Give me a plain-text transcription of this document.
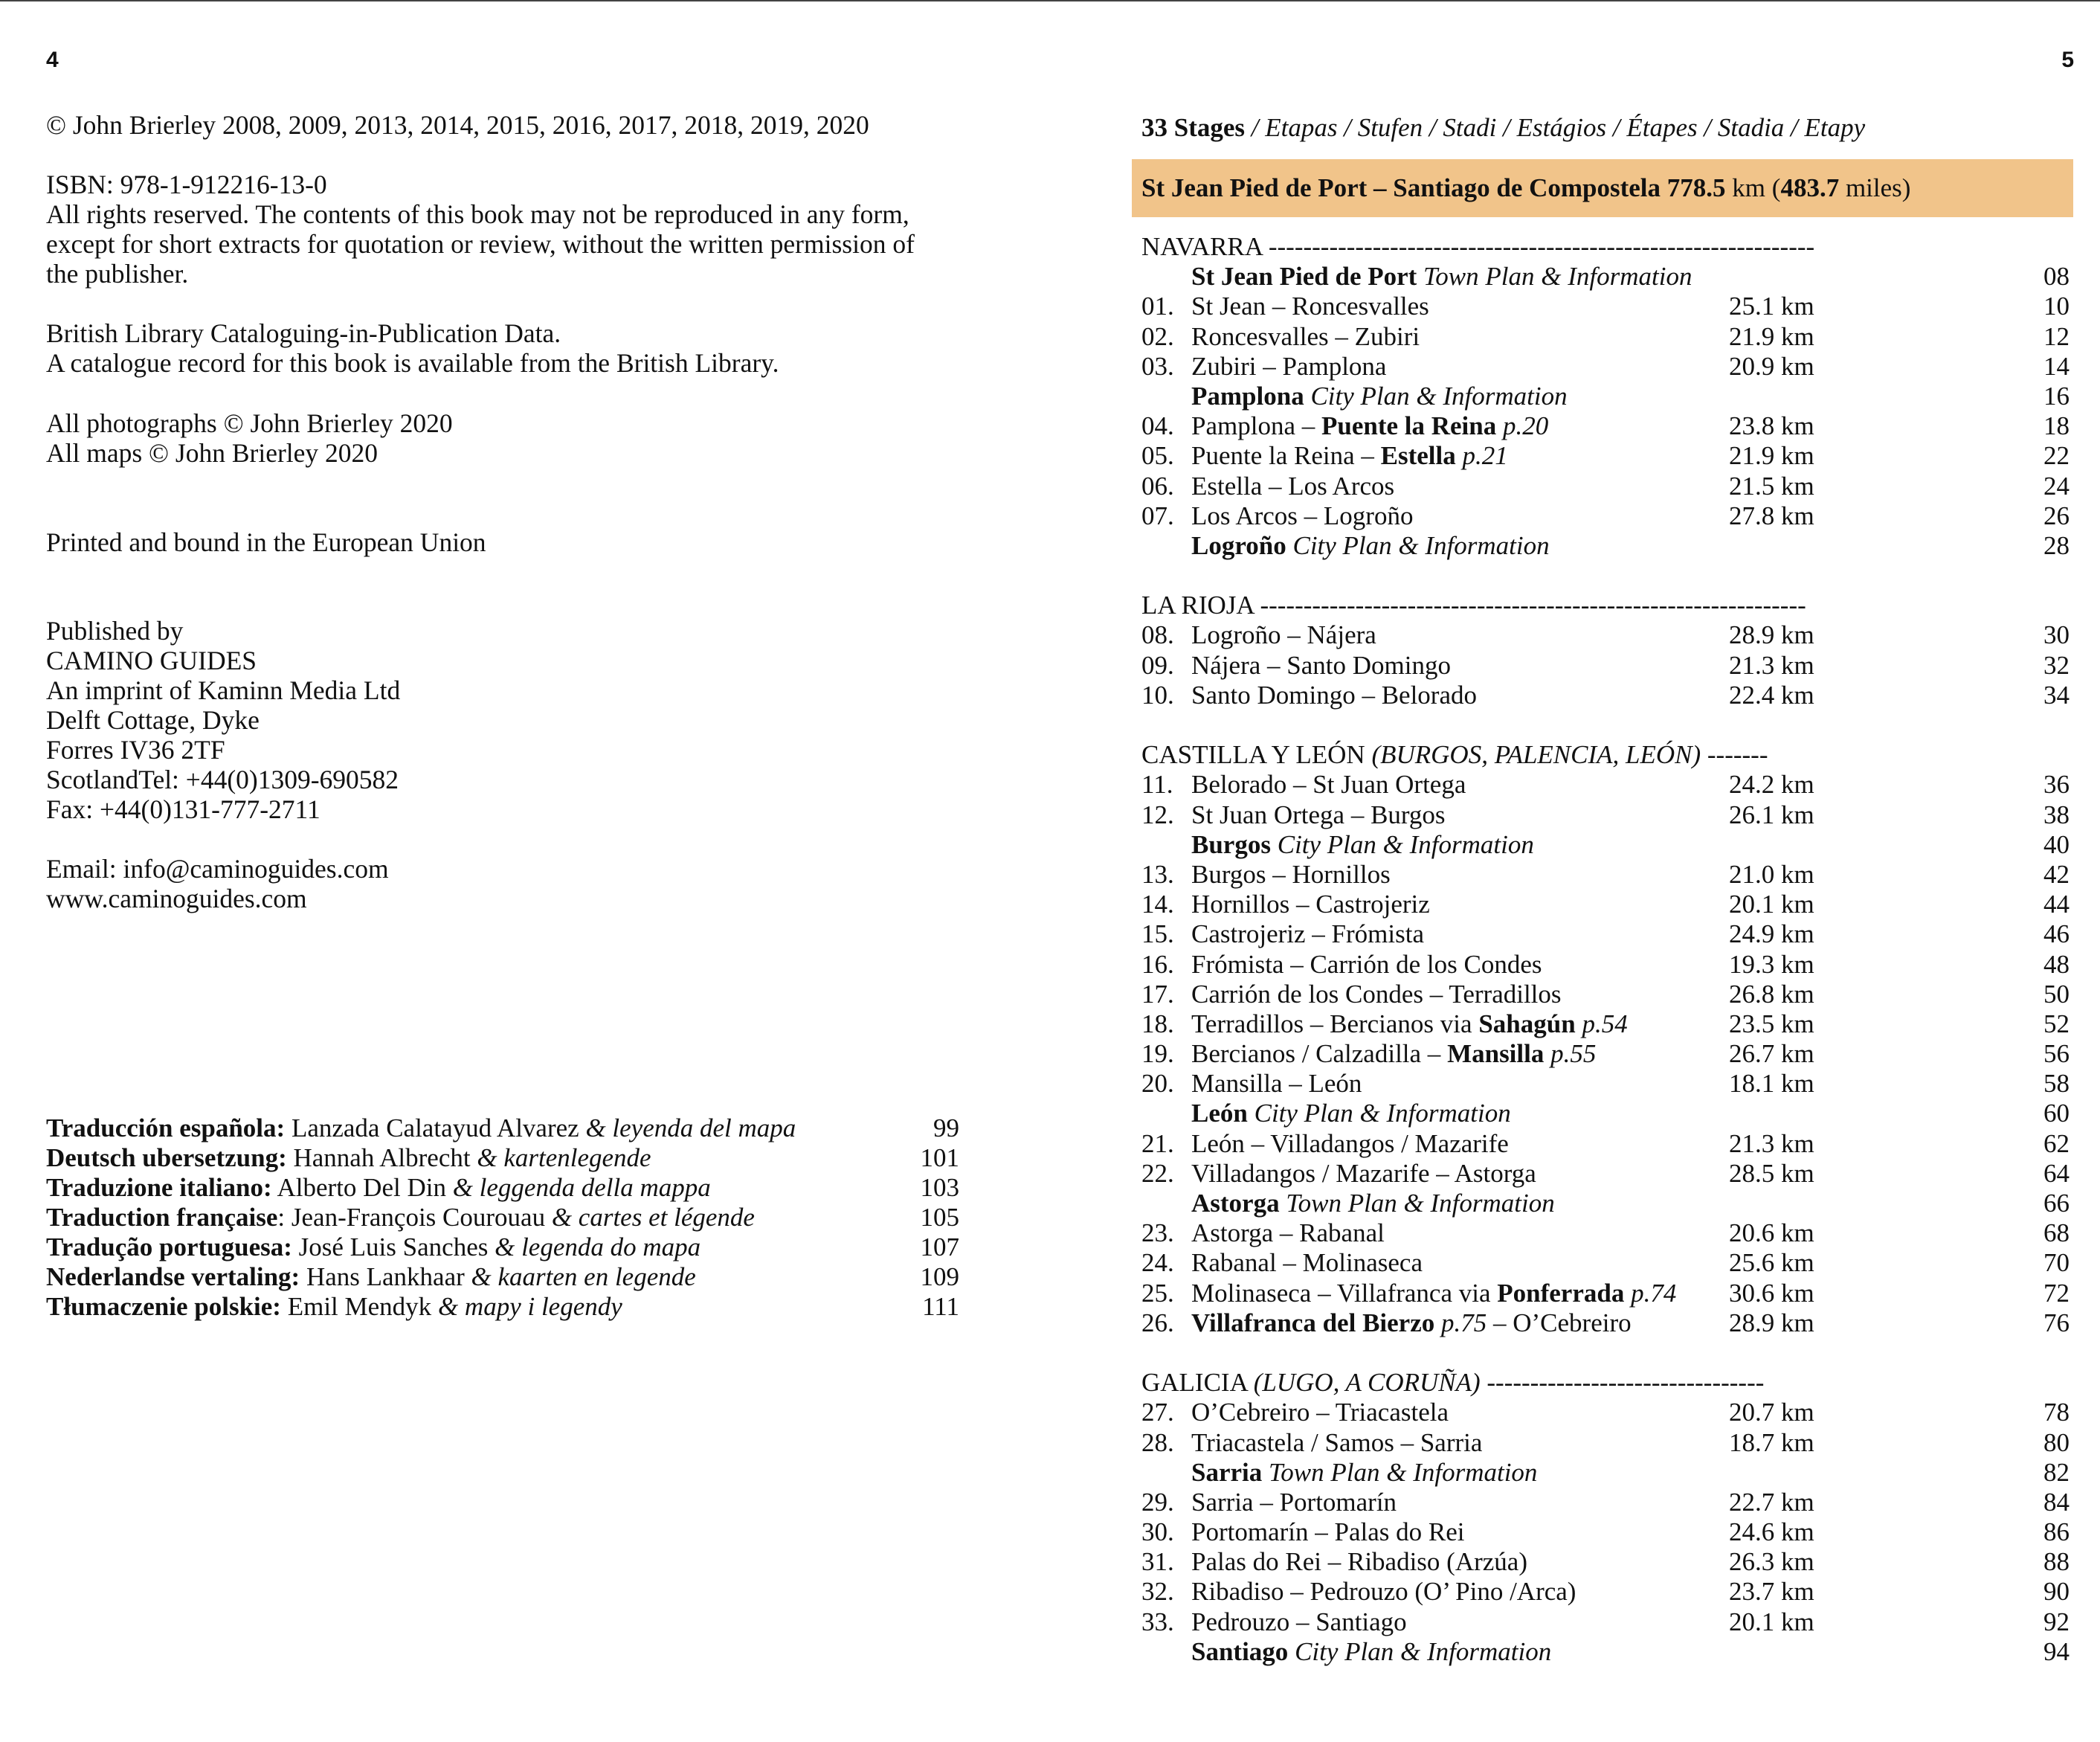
4
© John Brierley 2008, 2009, 2013, 2014, 2015, 2016, 2017, 2018, 2019, 2020
ISBN: 978-1-912216-13-0
All rights reserved. The contents of this book may not be reproduced in any form,
except for short extracts for quotation or review, without the written permission of
the publisher.
British Library Cataloguing-in-Publication Data.
A catalogue record for this book is available from the British Library.
All photographs © John Brierley 2020
All maps © John Brierley 2020
Printed and bound in the European Union
Published by
CAMINO GUIDES
An imprint of Kaminn Media Ltd
Delft Cottage, Dyke
Forres IV36 2TF
ScotlandTel: +44(0)1309-690582
Fax: +44(0)131-777-2711
Email: info@caminoguides.com
www.caminoguides.com
Traducción española: Lanzada Calatayud Alvarez & leyenda del mapa	99
Deutsch ubersetzung: Hannah Albrecht & kartenlegende	101
Traduzione italiano: Alberto Del Din & leggenda della mappa	103
Traduction française: Jean-François Courouau & cartes et légende	105
Tradução portuguesa: José Luis Sanches & legenda do mapa	107
Nederlandse vertaling: Hans Lankhaar & kaarten en legende	109
Tłumaczenie polskie: Emil Mendyk & mapy i legendy	111
5
33 Stages / Etapas / Stufen / Stadi / Estágios / Étapes / Stadia / Etapy
St Jean Pied de Port – Santiago de Compostela 778.5 km (483.7 miles)
NAVARRA ---------------------------------------------------------------
St Jean Pied de Port Town Plan & Information	08
01. St Jean – Roncesvalles	25.1 km	10
02. Roncesvalles – Zubiri	21.9 km	12
03. Zubiri – Pamplona	20.9 km	14
Pamplona City Plan & Information	16
04. Pamplona – Puente la Reina p.20	23.8 km	18
05. Puente la Reina – Estella p.21	21.9 km	22
06. Estella – Los Arcos	21.5 km	24
07. Los Arcos – Logroño	27.8 km	26
Logroño City Plan & Information	28
LA RIOJA ---------------------------------------------------------------
08. Logroño – Nájera	28.9 km	30
09. Nájera – Santo Domingo	21.3 km	32
10. Santo Domingo – Belorado	22.4 km	34
CASTILLA Y LEÓN (BURGOS, PALENCIA, LEÓN) -------
11. Belorado – St Juan Ortega	24.2 km	36
12. St Juan Ortega – Burgos	26.1 km	38
Burgos City Plan & Information	40
13. Burgos – Hornillos	21.0 km	42
14. Hornillos – Castrojeriz	20.1 km	44
15. Castrojeriz – Frómista	24.9 km	46
16. Frómista – Carrión de los Condes	19.3 km	48
17. Carrión de los Condes – Terradillos	26.8 km	50
18. Terradillos – Bercianos via Sahagún p.54	23.5 km	52
19. Bercianos / Calzadilla – Mansilla p.55	26.7 km	56
20. Mansilla – León	18.1 km	58
León City Plan & Information	60
21. León – Villadangos / Mazarife	21.3 km	62
22. Villadangos / Mazarife – Astorga	28.5 km	64
Astorga Town Plan & Information	66
23. Astorga – Rabanal	20.6 km	68
24. Rabanal – Molinaseca	25.6 km	70
25. Molinaseca – Villafranca via Ponferrada p.74 30.6 km	72
26. Villafranca del Bierzo p.75 – O’Cebreiro	28.9 km	76
GALICIA (LUGO, A CORUÑA) --------------------------------
27. O’Cebreiro – Triacastela	20.7 km	78
28. Triacastela / Samos – Sarria	18.7 km	80
Sarria Town Plan & Information	82
29. Sarria – Portomarín	22.7 km	84
30. Portomarín – Palas do Rei	24.6 km	86
31. Palas do Rei – Ribadiso (Arzúa)	26.3 km	88
32. Ribadiso – Pedrouzo (O’ Pino /Arca)	23.7 km	90
33. Pedrouzo – Santiago	20.1 km	92
Santiago City Plan & Information	94
